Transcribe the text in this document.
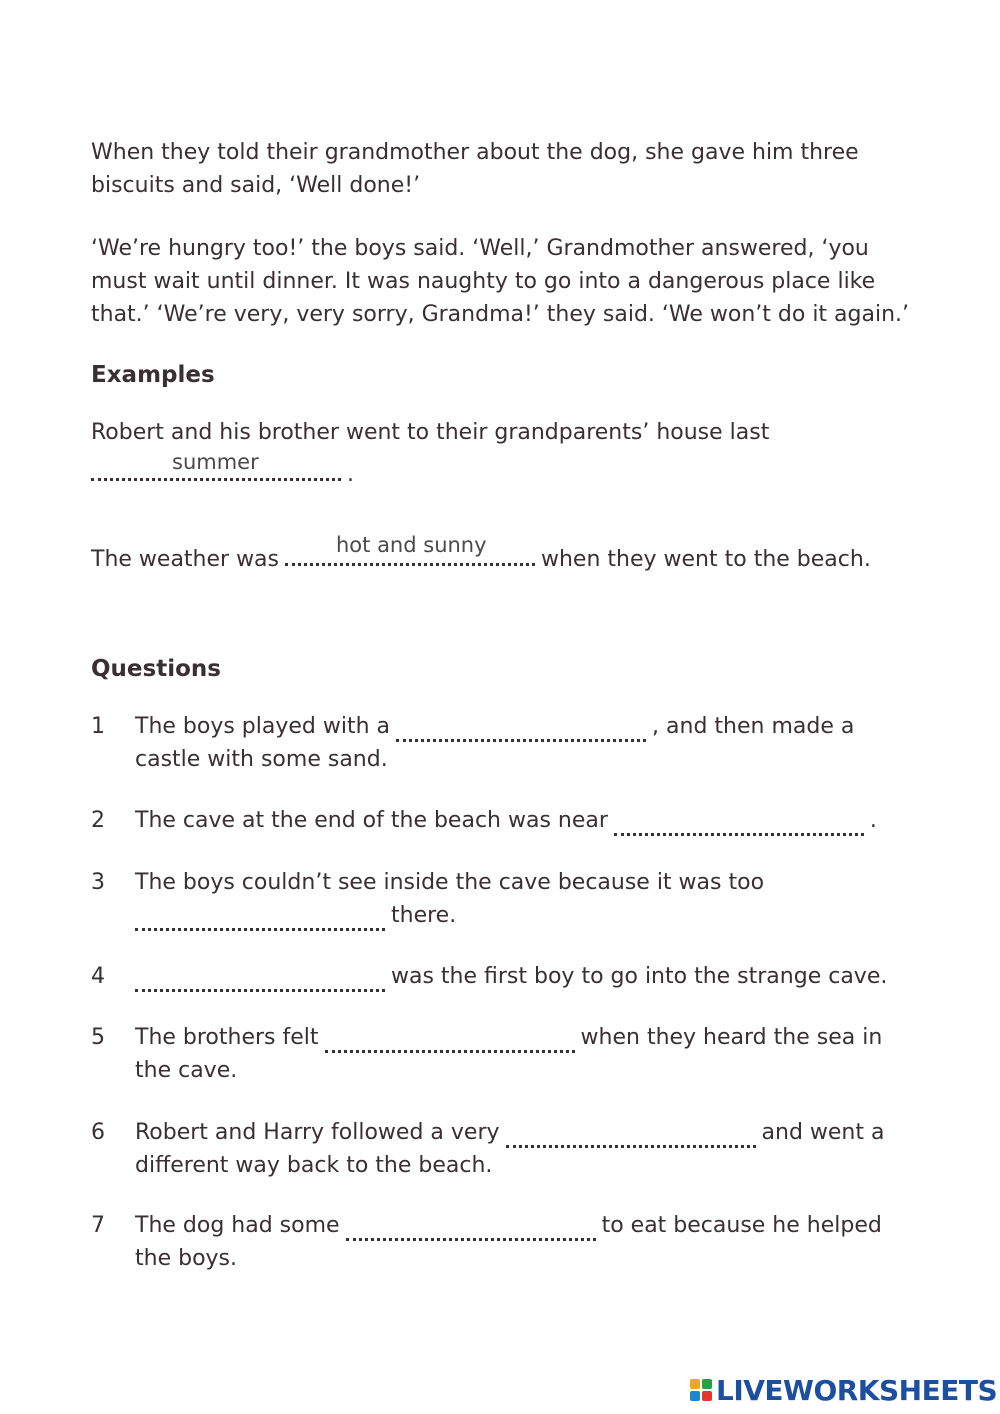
When they told their grandmother about the dog, she gave him three
biscuits and said, ‘Well done!’
‘We’re hungry too!’ the boys said. ‘Well,’ Grandmother answered, ‘you
must wait until dinner. It was naughty to go into a dangerous place like
that.’ ‘We’re very, very sorry, Grandma!’ they said. ‘We won’t do it again.’
Examples
Robert and his brother went to their grandparents’ house last
.
summer
The weather was	when they went to the beach.
hot and sunny
Questions
1 The boys played with a	, and then made a
castle with some sand.
2 The cave at the end of the beach was near	.
3 The boys couldn’t see inside the cave because it was too
there.
4	was the first boy to go into the strange cave.
5 The brothers felt	when they heard the sea in
the cave.
6 Robert and Harry followed a very	and went a
different way back to the beach.
7 The dog had some	to eat because he helped
the boys.
LIVEWORKSHEETS
